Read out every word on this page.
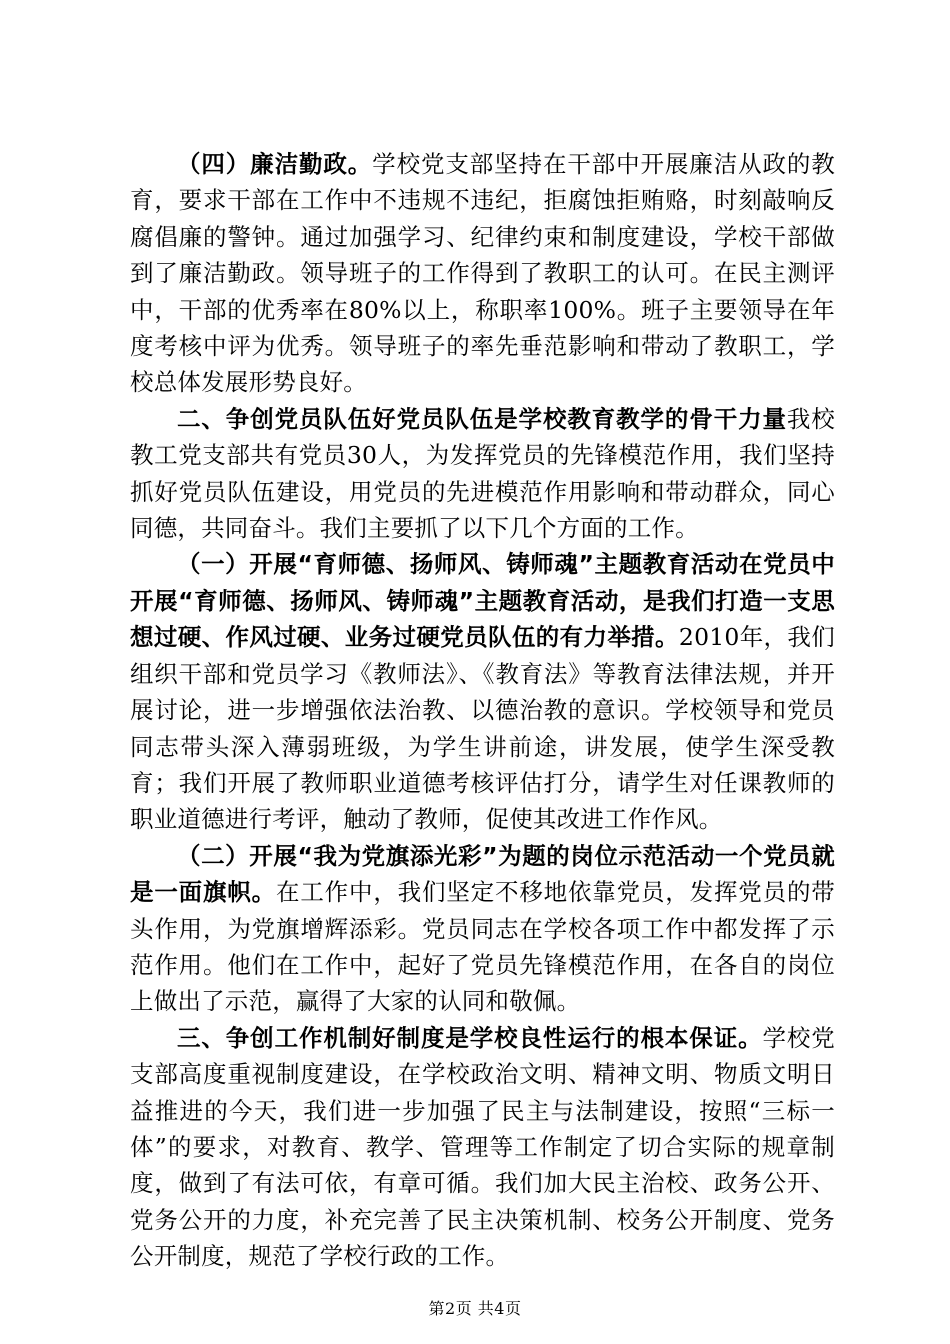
（四）廉洁勤政。学校党支部坚持在干部中开展廉洁从政的教育，要求干部在工作中不违规不违纪，拒腐蚀拒贿赂，时刻敲响反腐倡廉的警钟。通过加强学习、纪律约束和制度建设，学校干部做到了廉洁勤政。领导班子的工作得到了教职工的认可。在民主测评中，干部的优秀率在80%以上，称职率100%。班子主要领导在年度考核中评为优秀。领导班子的率先垂范影响和带动了教职工，学校总体发展形势良好。

二、争创党员队伍好党员队伍是学校教育教学的骨干力量我校教工党支部共有党员30人，为发挥党员的先锋模范作用，我们坚持抓好党员队伍建设，用党员的先进模范作用影响和带动群众，同心同德，共同奋斗。我们主要抓了以下几个方面的工作。

（一）开展“育师德、扬师风、铸师魂”主题教育活动在党员中开展“育师德、扬师风、铸师魂”主题教育活动，是我们打造一支思想过硬、作风过硬、业务过硬党员队伍的有力举措。2010年，我们组织干部和党员学习《教师法》、《教育法》等教育法律法规，并开展讨论，进一步增强依法治教、以德治教的意识。学校领导和党员同志带头深入薄弱班级，为学生讲前途，讲发展，使学生深受教育；我们开展了教师职业道德考核评估打分，请学生对任课教师的职业道德进行考评，触动了教师，促使其改进工作作风。

（二）开展“我为党旗添光彩”为题的岗位示范活动一个党员就是一面旗帜。在工作中，我们坚定不移地依靠党员，发挥党员的带头作用，为党旗增辉添彩。党员同志在学校各项工作中都发挥了示范作用。他们在工作中，起好了党员先锋模范作用，在各自的岗位上做出了示范，赢得了大家的认同和敬佩。

三、争创工作机制好制度是学校良性运行的根本保证。学校党支部高度重视制度建设，在学校政治文明、精神文明、物质文明日益推进的今天，我们进一步加强了民主与法制建设，按照“三标一体”的要求，对教育、教学、管理等工作制定了切合实际的规章制度，做到了有法可依，有章可循。我们加大民主治校、政务公开、党务公开的力度，补充完善了民主决策机制、校务公开制度、党务公开制度，规范了学校行政的工作。

第2页 共4页
